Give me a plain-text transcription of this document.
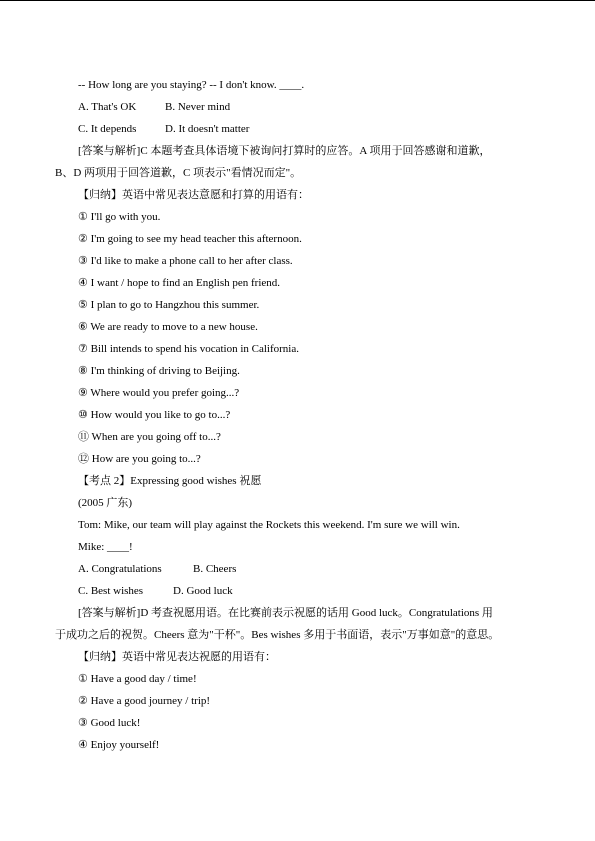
-- How long are you staying? -- I don't know. ____.
A. That's OK	B. Never mind
C. It depends	D. It doesn't matter
[答案与解析]C 本题考查具体语境下被询问打算时的应答。A 项用于回答感谢和道歉，
B、D 两项用于回答道歉，C 项表示"看情况而定"。
【归纳】英语中常见表达意愿和打算的用语有：
① I'll go with you.
② I'm going to see my head teacher this afternoon.
③ I'd like to make a phone call to her after class.
④ I want / hope to find an English pen friend.
⑤ I plan to go to Hangzhou this summer.
⑥ We are ready to move to a new house.
⑦ Bill intends to spend his vocation in California.
⑧ I'm thinking of driving to Beijing.
⑨ Where would you prefer going...?
⑩ How would you like to go to...?
⑪ When are you going off to...?
⑫ How are you going to...?
【考点 2】Expressing good wishes 祝愿
(2005 广东)
Tom: Mike, our team will play against the Rockets this weekend. I'm sure we will win.
Mike: ____!
A. Congratulations	B. Cheers
C. Best wishes	D. Good luck
[答案与解析]D 考查祝愿用语。在比赛前表示祝愿的话用 Good luck。Congratulations 用
于成功之后的祝贺。Cheers 意为"干杯"。Bes wishes 多用于书面语，表示"万事如意"的意思。
【归纳】英语中常见表达祝愿的用语有：
① Have a good day / time!
② Have a good journey / trip!
③ Good luck!
④ Enjoy yourself!
